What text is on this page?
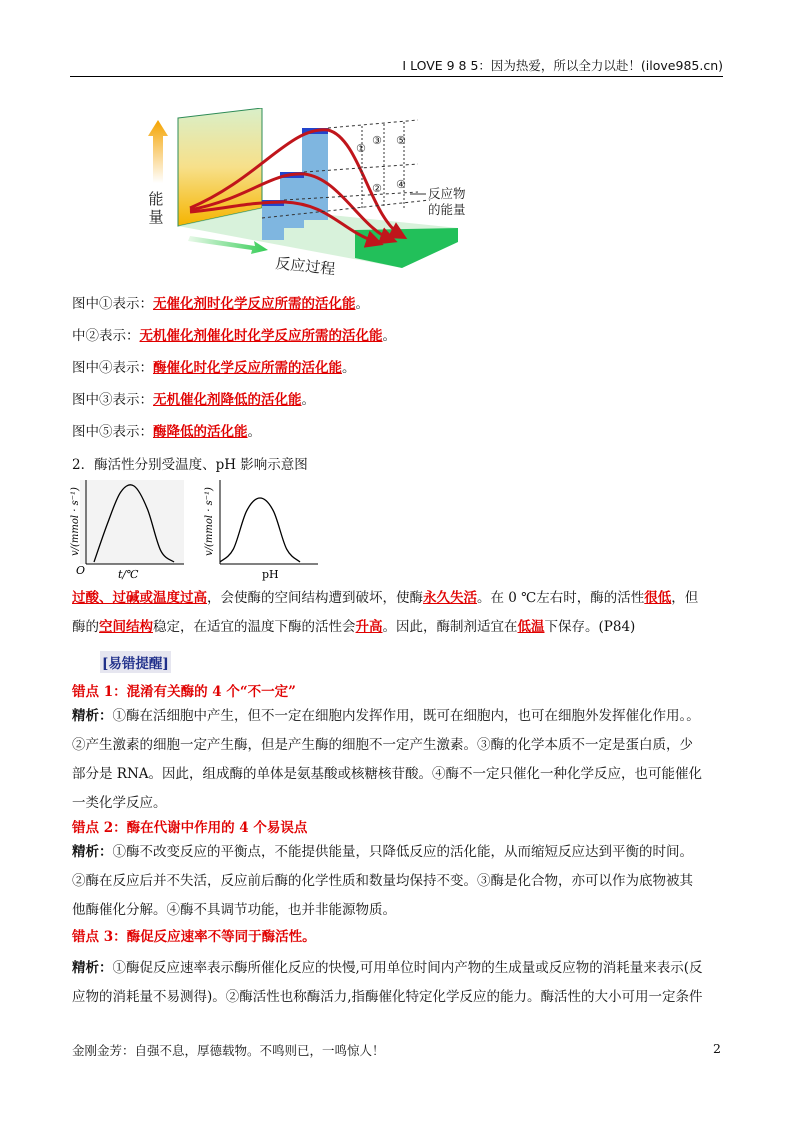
I LOVE 9 8 5：因为热爱，所以全力以赴！(ilove985.cn)
能
量
①
③ ⑤
② ④
反应物
的能量
反应过程
图中①表示：无催化剂时化学反应所需的活化能。
中②表示：无机催化剂催化时化学反应所需的活化能。
图中④表示：酶催化时化学反应所需的活化能。
图中③表示：无机催化剂降低的活化能。
图中⑤表示：酶降低的活化能。
2．酶活性分别受温度、pH 影响示意图
v/(mmol · s⁻¹)
O	t/℃
v/(mmol · s⁻¹)
pH
过酸、过碱或温度过高，会使酶的空间结构遭到破坏，使酶永久失活。在 0 ℃左右时，酶的活性很低，但
酶的空间结构稳定，在适宜的温度下酶的活性会升高。因此，酶制剂适宜在低温下保存。(P84)
[易错提醒]
错点 1：混淆有关酶的 4 个“不一定”
精析：①酶在活细胞中产生，但不一定在细胞内发挥作用，既可在细胞内，也可在细胞外发挥催化作用。。
②产生激素的细胞一定产生酶，但是产生酶的细胞不一定产生激素。③酶的化学本质不一定是蛋白质，少
部分是 RNA。因此，组成酶的单体是氨基酸或核糖核苷酸。④酶不一定只催化一种化学反应，也可能催化
一类化学反应。
错点 2：酶在代谢中作用的 4 个易误点
精析：①酶不改变反应的平衡点，不能提供能量，只降低反应的活化能，从而缩短反应达到平衡的时间。
②酶在反应后并不失活，反应前后酶的化学性质和数量均保持不变。③酶是化合物，亦可以作为底物被其
他酶催化分解。④酶不具调节功能，也并非能源物质。
错点 3：酶促反应速率不等同于酶活性。
精析：①酶促反应速率表示酶所催化反应的快慢,可用单位时间内产物的生成量或反应物的消耗量来表示(反
应物的消耗量不易测得)。②酶活性也称酶活力,指酶催化特定化学反应的能力。酶活性的大小可用一定条件
金刚金芳：自强不息，厚德载物。不鸣则已，一鸣惊人！	2
